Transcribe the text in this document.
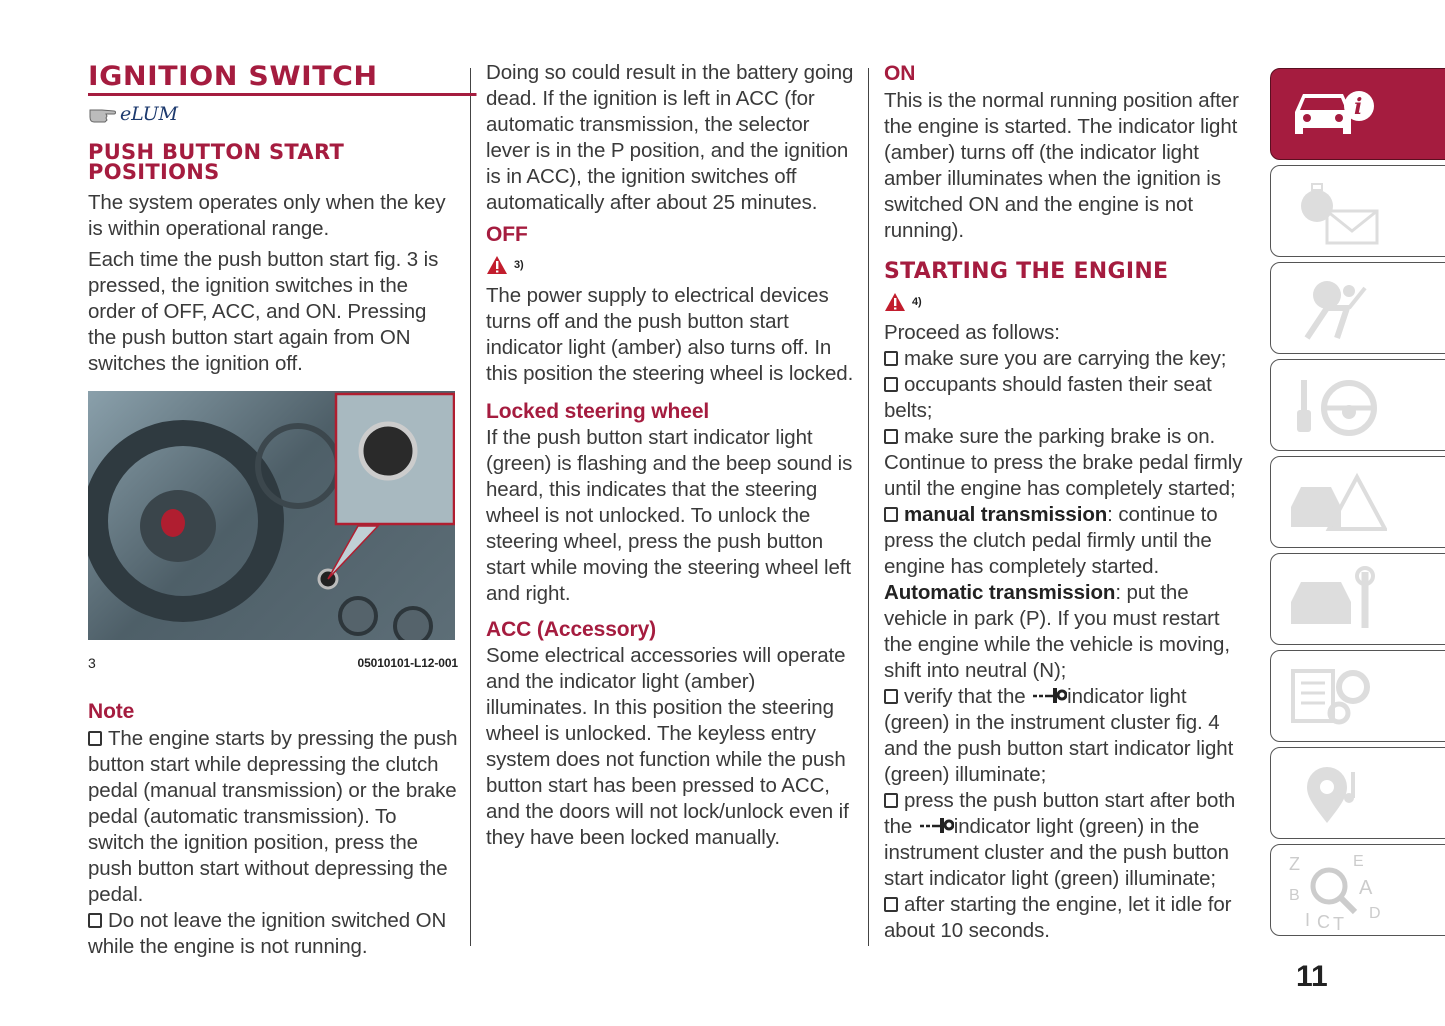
IGNITION SWITCH
eLUM
PUSH BUTTON START POSITIONS
The system operates only when the key is within operational range.
Each time the push button start fig. 3 is pressed, the ignition switches in the order of OFF, ACC, and ON. Pressing the push button start again from ON switches the ignition off.
3	05010101-L12-001
Note
The engine starts by pressing the push button start while depressing the clutch pedal (manual transmission) or the brake pedal (automatic transmission). To switch the ignition position, press the push button start without depressing the pedal.
Do not leave the ignition switched ON while the engine is not running.
Doing so could result in the battery going dead. If the ignition is left in ACC (for automatic transmission, the selector lever is in the P position, and the ignition is in ACC), the ignition switches off automatically after about 25 minutes.
OFF
3)
The power supply to electrical devices turns off and the push button start indicator light (amber) also turns off. In this position the steering wheel is locked.
Locked steering wheel
If the push button start indicator light (green) is flashing and the beep sound is heard, this indicates that the steering wheel is not unlocked. To unlock the steering wheel, press the push button start while moving the steering wheel left and right.
ACC (Accessory)
Some electrical accessories will operate and the indicator light (amber) illuminates. In this position the steering wheel is unlocked. The keyless entry system does not function while the push button start has been pressed to ACC, and the doors will not lock/unlock even if they have been locked manually.
ON
This is the normal running position after the engine is started. The indicator light (amber) turns off (the indicator light amber illuminates when the ignition is switched ON and the engine is not running).
STARTING THE ENGINE
4)
Proceed as follows:
make sure you are carrying the key;
occupants should fasten their seat belts;
make sure the parking brake is on. Continue to press the brake pedal firmly until the engine has completely started;
manual transmission: continue to press the clutch pedal firmly until the engine has completely started.
Automatic transmission: put the vehicle in park (P). If you must restart the engine while the vehicle is moving, shift into neutral (N);
verify that the indicator light (green) in the instrument cluster fig. 4 and the push button start indicator light (green) illuminate;
press the push button start after both the indicator light (green) in the instrument cluster and the push button start indicator light (green) illuminate;
after starting the engine, let it idle for about 10 seconds.
i
Z	E
B	A
I C T
D
11
